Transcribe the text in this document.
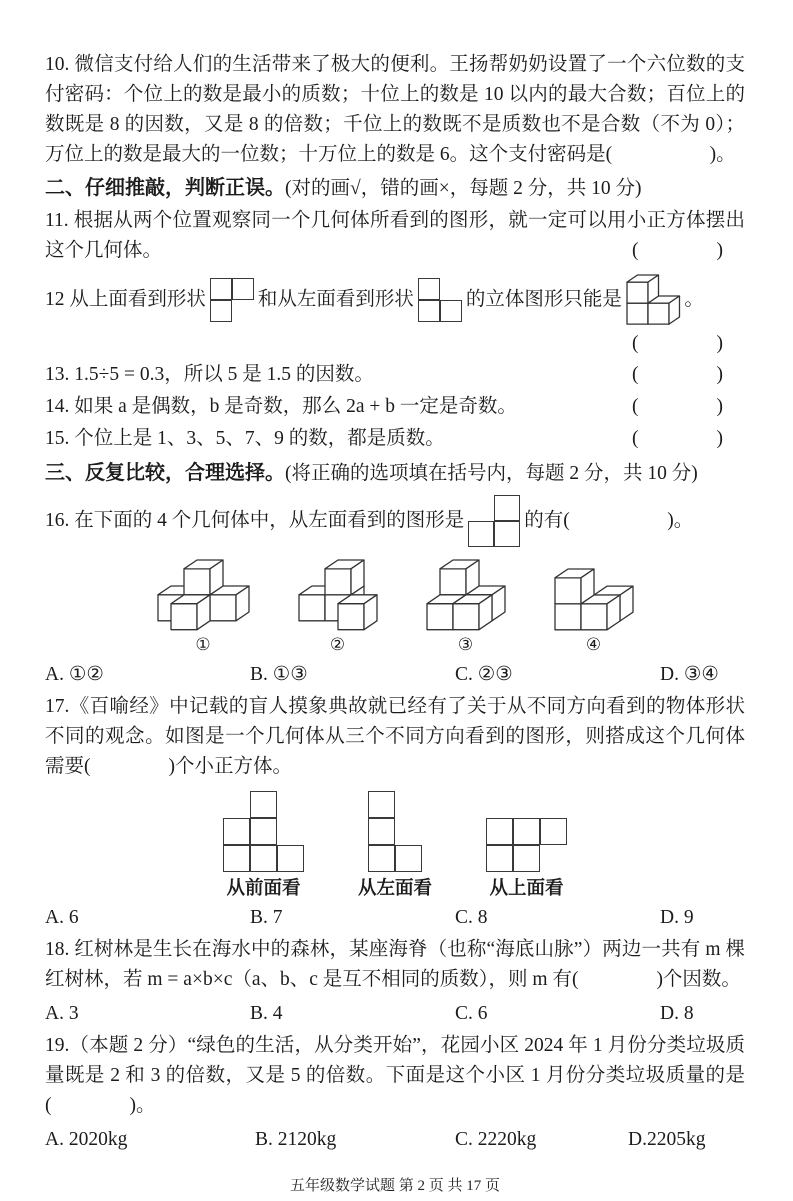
10. 微信支付给人们的生活带来了极大的便利。王扬帮奶奶设置了一个六位数的支付密码：个位上的数是最小的质数；十位上的数是 10 以内的最大合数；百位上的数既是 8 的因数，又是 8 的倍数；千位上的数既不是质数也不是合数（不为 0）；万位上的数是最大的一位数；十万位上的数是 6。这个支付密码是(　　　　　)。

二、仔细推敲，判断正误。(对的画√，错的画×，每题 2 分，共 10 分)
11. 根据从两个位置观察同一个几何体所看到的图形，就一定可以用小正方体摆出这个几何体。	(　　　　)
12 从上面看到形状	和从左面看到形状	的立体图形只能是	。
(　　　　)
13. 1.5÷5 = 0.3，所以 5 是 1.5 的因数。	(　　　　)
14. 如果 a 是偶数，b 是奇数，那么 2a + b 一定是奇数。	(　　　　)
15. 个位上是 1、3、5、7、9 的数，都是质数。	(　　　　)
三、反复比较，合理选择。(将正确的选项填在括号内，每题 2 分，共 10 分)
16. 在下面的 4 个几何体中，从左面看到的图形是	的有(　　　　　)。
①	②	③	④
A. ①②	B. ①③	C. ②③	D. ③④

17.《百喻经》中记载的盲人摸象典故就已经有了关于从不同方向看到的物体形状不同的观念。如图是一个几何体从三个不同方向看到的图形，则搭成这个几何体需要(　　　　)个小正方体。

从前面看	从左面看	从上面看
A. 6	B. 7	C. 8	D. 9

18. 红树林是生长在海水中的森林，某座海脊（也称“海底山脉”）两边一共有 m 棵红树林，若 m = a×b×c（a、b、c 是互不相同的质数），则 m 有(　　　　)个因数。

A. 3	B. 4	C. 6	D. 8

19.（本题 2 分）“绿色的生活，从分类开始”，花园小区 2024 年 1 月份分类垃圾质量既是 2 和 3 的倍数，又是 5 的倍数。下面是这个小区 1 月份分类垃圾质量的是(　　　　)。

A. 2020kg	B. 2120kg	C. 2220kg	D.2205kg
五年级数学试题 第 2 页 共 17 页
